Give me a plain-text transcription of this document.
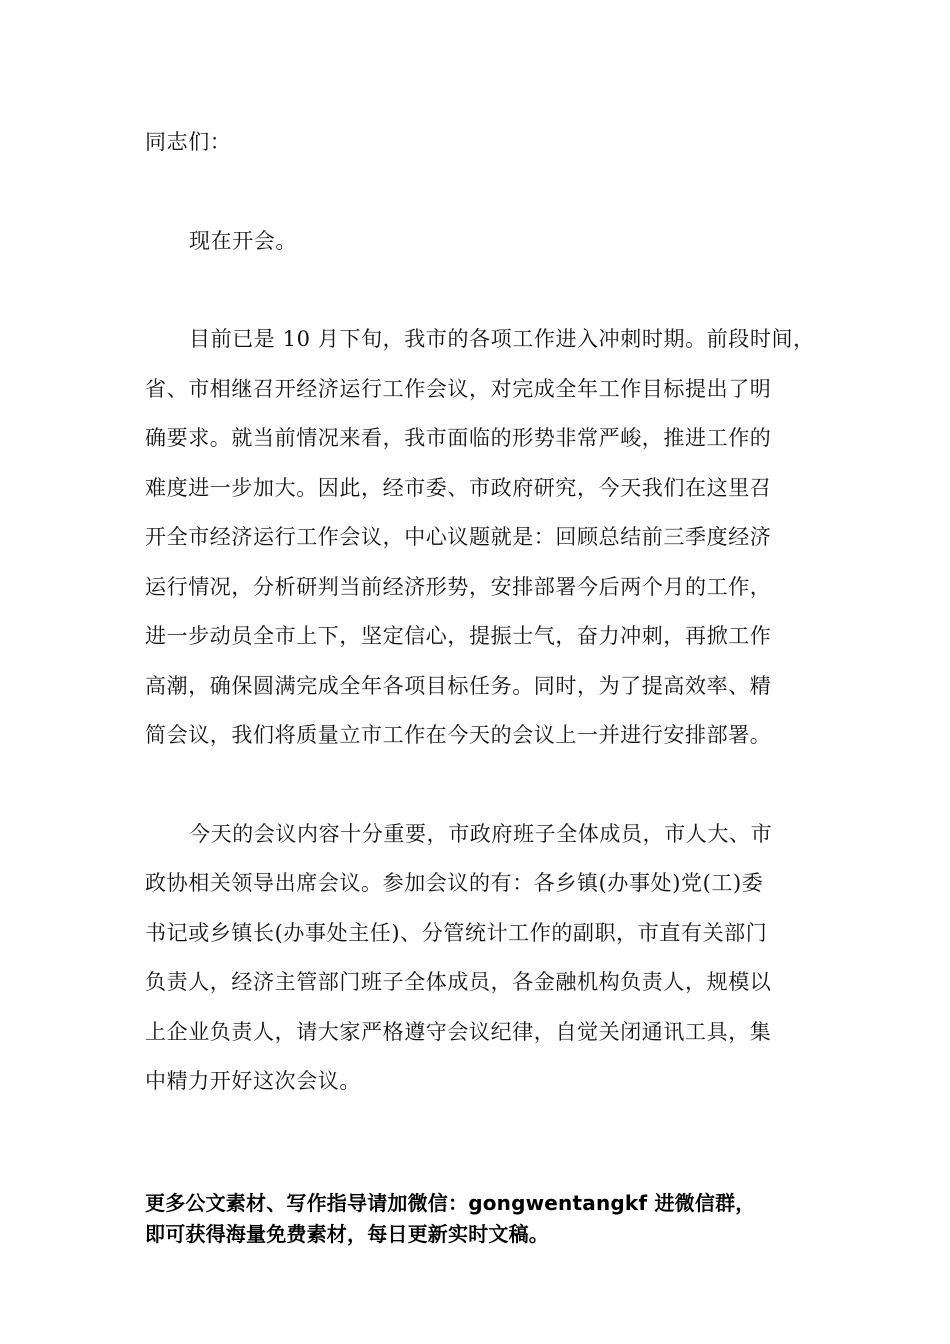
同志们：
现在开会。
目前已是 10 月下旬，我市的各项工作进入冲刺时期。前段时间，
省、市相继召开经济运行工作会议，对完成全年工作目标提出了明
确要求。就当前情况来看，我市面临的形势非常严峻，推进工作的
难度进一步加大。因此，经市委、市政府研究，今天我们在这里召
开全市经济运行工作会议，中心议题就是：回顾总结前三季度经济
运行情况，分析研判当前经济形势，安排部署今后两个月的工作，
进一步动员全市上下，坚定信心，提振士气，奋力冲刺，再掀工作
高潮，确保圆满完成全年各项目标任务。同时，为了提高效率、精
简会议，我们将质量立市工作在今天的会议上一并进行安排部署。
今天的会议内容十分重要，市政府班子全体成员，市人大、市
政协相关领导出席会议。参加会议的有：各乡镇(办事处)党(工)委
书记或乡镇长(办事处主任)、分管统计工作的副职，市直有关部门
负责人，经济主管部门班子全体成员，各金融机构负责人，规模以
上企业负责人，请大家严格遵守会议纪律，自觉关闭通讯工具，集
中精力开好这次会议。
更多公文素材、写作指导请加微信：gongwentangkf 进微信群，
即可获得海量免费素材，每日更新实时文稿。
